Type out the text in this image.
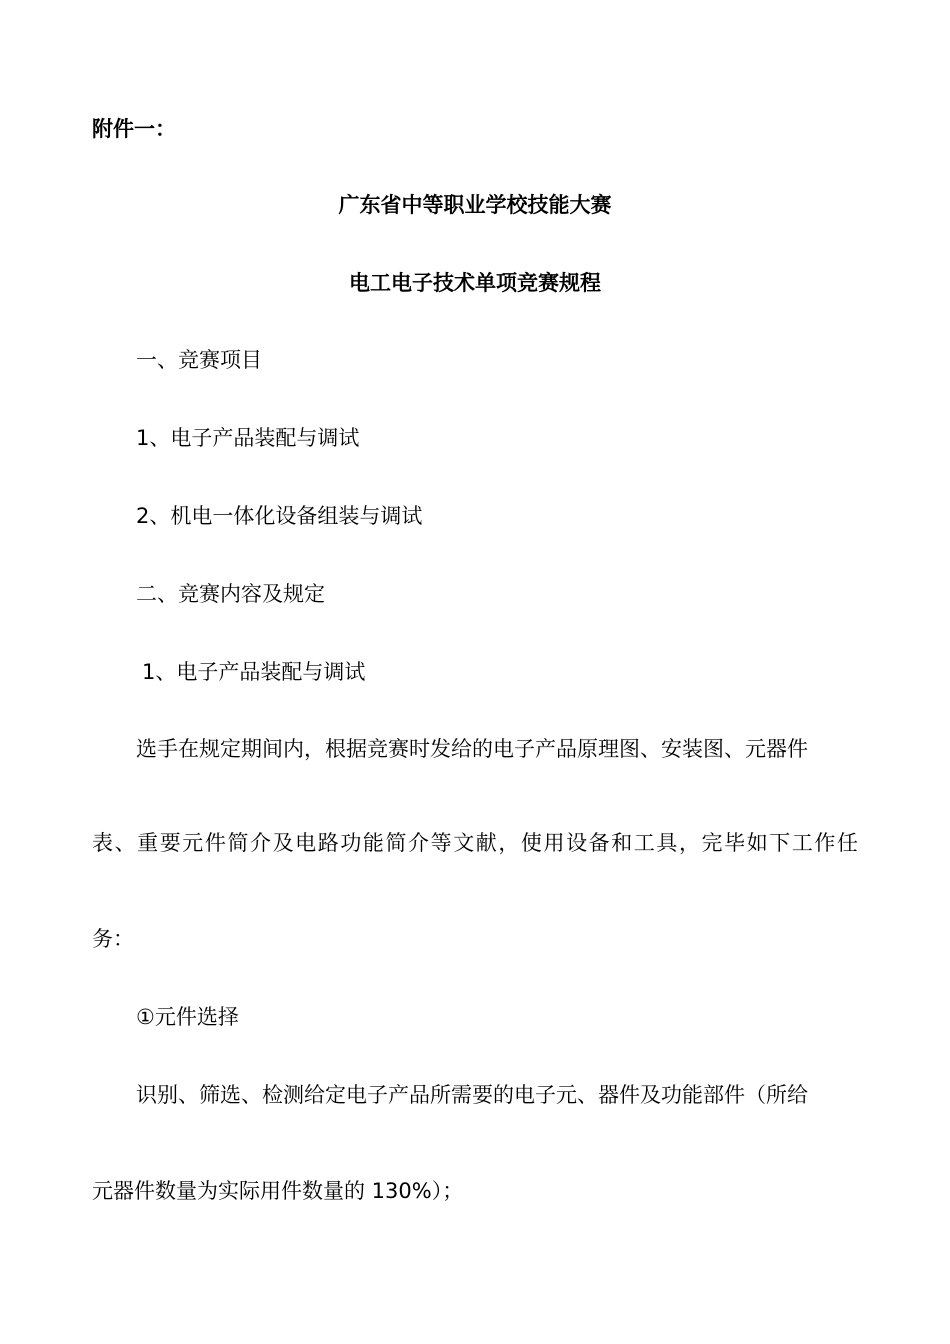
附件一：
广东省中等职业学校技能大赛
电工电子技术单项竞赛规程
一、竞赛项目
1、电子产品装配与调试
2、机电一体化设备组装与调试
二、竞赛内容及规定
1、电子产品装配与调试
选手在规定期间内，根据竞赛时发给的电子产品原理图、安装图、元器件
表、重要元件简介及电路功能简介等文献，使用设备和工具，完毕如下工作任
务：
①元件选择
识别、筛选、检测给定电子产品所需要的电子元、器件及功能部件（所给
元器件数量为实际用件数量的 130%）；
